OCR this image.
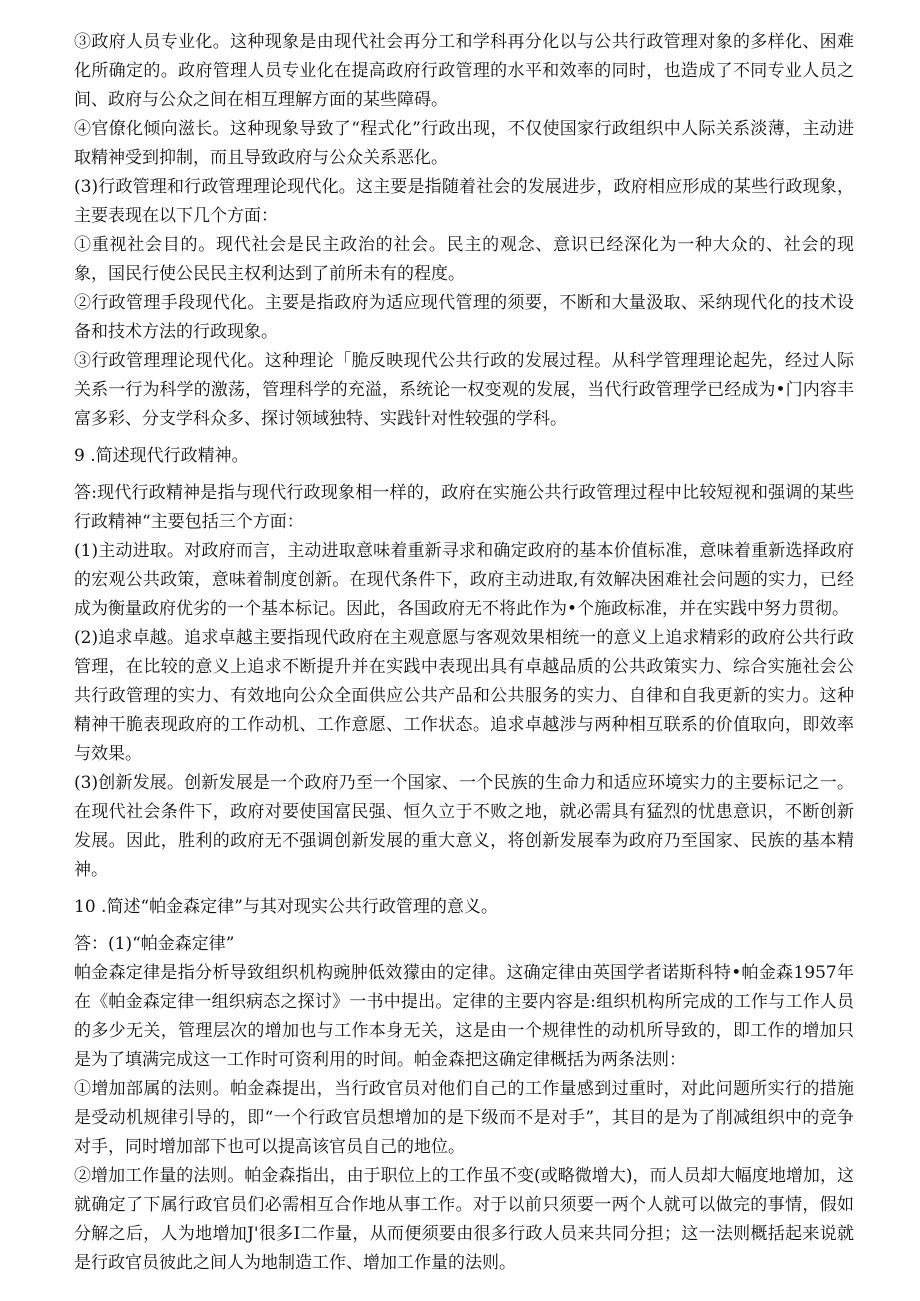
③政府人员专业化。这种现象是由现代社会再分工和学科再分化以与公共行政管理对象的多样化、困难化所确定的。政府管理人员专业化在提高政府行政管理的水平和效率的同时，也造成了不同专业人员之间、政府与公众之间在相互理解方面的某些障碍。

④官僚化倾向滋长。这种现象导致了“程式化”行政出现，不仅使国家行政组织中人际关系淡薄，主动进取精神受到抑制，而且导致政府与公众关系恶化。

(3)行政管理和行政管理理论现代化。这主要是指随着社会的发展进步，政府相应形成的某些行政现象，主要表现在以下几个方面：

①重视社会目的。现代社会是民主政治的社会。民主的观念、意识已经深化为一种大众的、社会的现象，国民行使公民民主权利达到了前所未有的程度。

②行政管理手段现代化。主要是指政府为适应现代管理的须要，不断和大量汲取、采纳现代化的技术设备和技术方法的行政现象。

③行政管理理论现代化。这种理论「脆反映现代公共行政的发展过程。从科学管理理论起先，经过人际关系一行为科学的激荡，管理科学的充溢，系统论一权变观的发展，当代行政管理学已经成为•门内容丰富多彩、分支学科众多、探讨领域独特、实践针对性较强的学科。

9 .简述现代行政精神。

答:现代行政精神是指与现代行政现象相一样的，政府在实施公共行政管理过程中比较短视和强调的某些行政精神“主要包括三个方面：

(1)主动进取。对政府而言，主动进取意味着重新寻求和确定政府的基本价值标准，意味着重新选择政府的宏观公共政策，意味着制度创新。在现代条件下，政府主动进取,有效解决困难社会问题的实力，已经成为衡量政府优劣的一个基本标记。因此，各国政府无不将此作为•个施政标准，并在实践中努力贯彻。

(2)追求卓越。追求卓越主要指现代政府在主观意愿与客观效果相统一的意义上追求精彩的政府公共行政管理，在比较的意义上追求不断提升并在实践中表现出具有卓越品质的公共政策实力、综合实施社会公共行政管理的实力、有效地向公众全面供应公共产品和公共服务的实力、自律和自我更新的实力。这种精神干脆表现政府的工作动机、工作意愿、工作状态。追求卓越涉与两种相互联系的价值取向，即效率与效果。

(3)创新发展。创新发展是一个政府乃至一个国家、一个民族的生命力和适应环境实力的主要标记之一。在现代社会条件下，政府对要使国富民强、恒久立于不败之地，就必需具有猛烈的忧患意识，不断创新发展。因此，胜利的政府无不强调创新发展的重大意义，将创新发展奉为政府乃至国家、民族的基本精神。

10 .简述“帕金森定律”与其对现实公共行政管理的意义。

答：(1)“帕金森定律”

帕金森定律是指分析导致组织机构豌肿低效獴由的定律。这确定律由英国学者诺斯科特•帕金森1957年在《帕金森定律一组织病态之探讨》一书中提出。定律的主要内容是:组织机构所完成的工作与工作人员的多少无关，管理层次的增加也与工作本身无关，这是由一个规律性的动机所导致的，即工作的增加只是为了填满完成这一工作时可资利用的时间。帕金森把这确定律概括为两条法则：

①增加部属的法则。帕金森提出，当行政官员对他们自己的工作量感到过重时，对此问题所实行的措施是受动机规律引导的，即“一个行政官员想增加的是下级而不是对手”，其目的是为了削减组织中的竞争对手，同时增加部下也可以提高该官员自己的地位。

②增加工作量的法则。帕金森指出，由于职位上的工作虽不变(或略微增大)，而人员却大幅度地增加，这就确定了下属行政官员们必需相互合作地从事工作。对于以前只须要一两个人就可以做完的事情，假如分解之后，人为地增加J'很多I二作量，从而便须要由很多行政人员来共同分担；这一法则概括起来说就是行政官员彼此之间人为地制造工作、增加工作量的法则。
